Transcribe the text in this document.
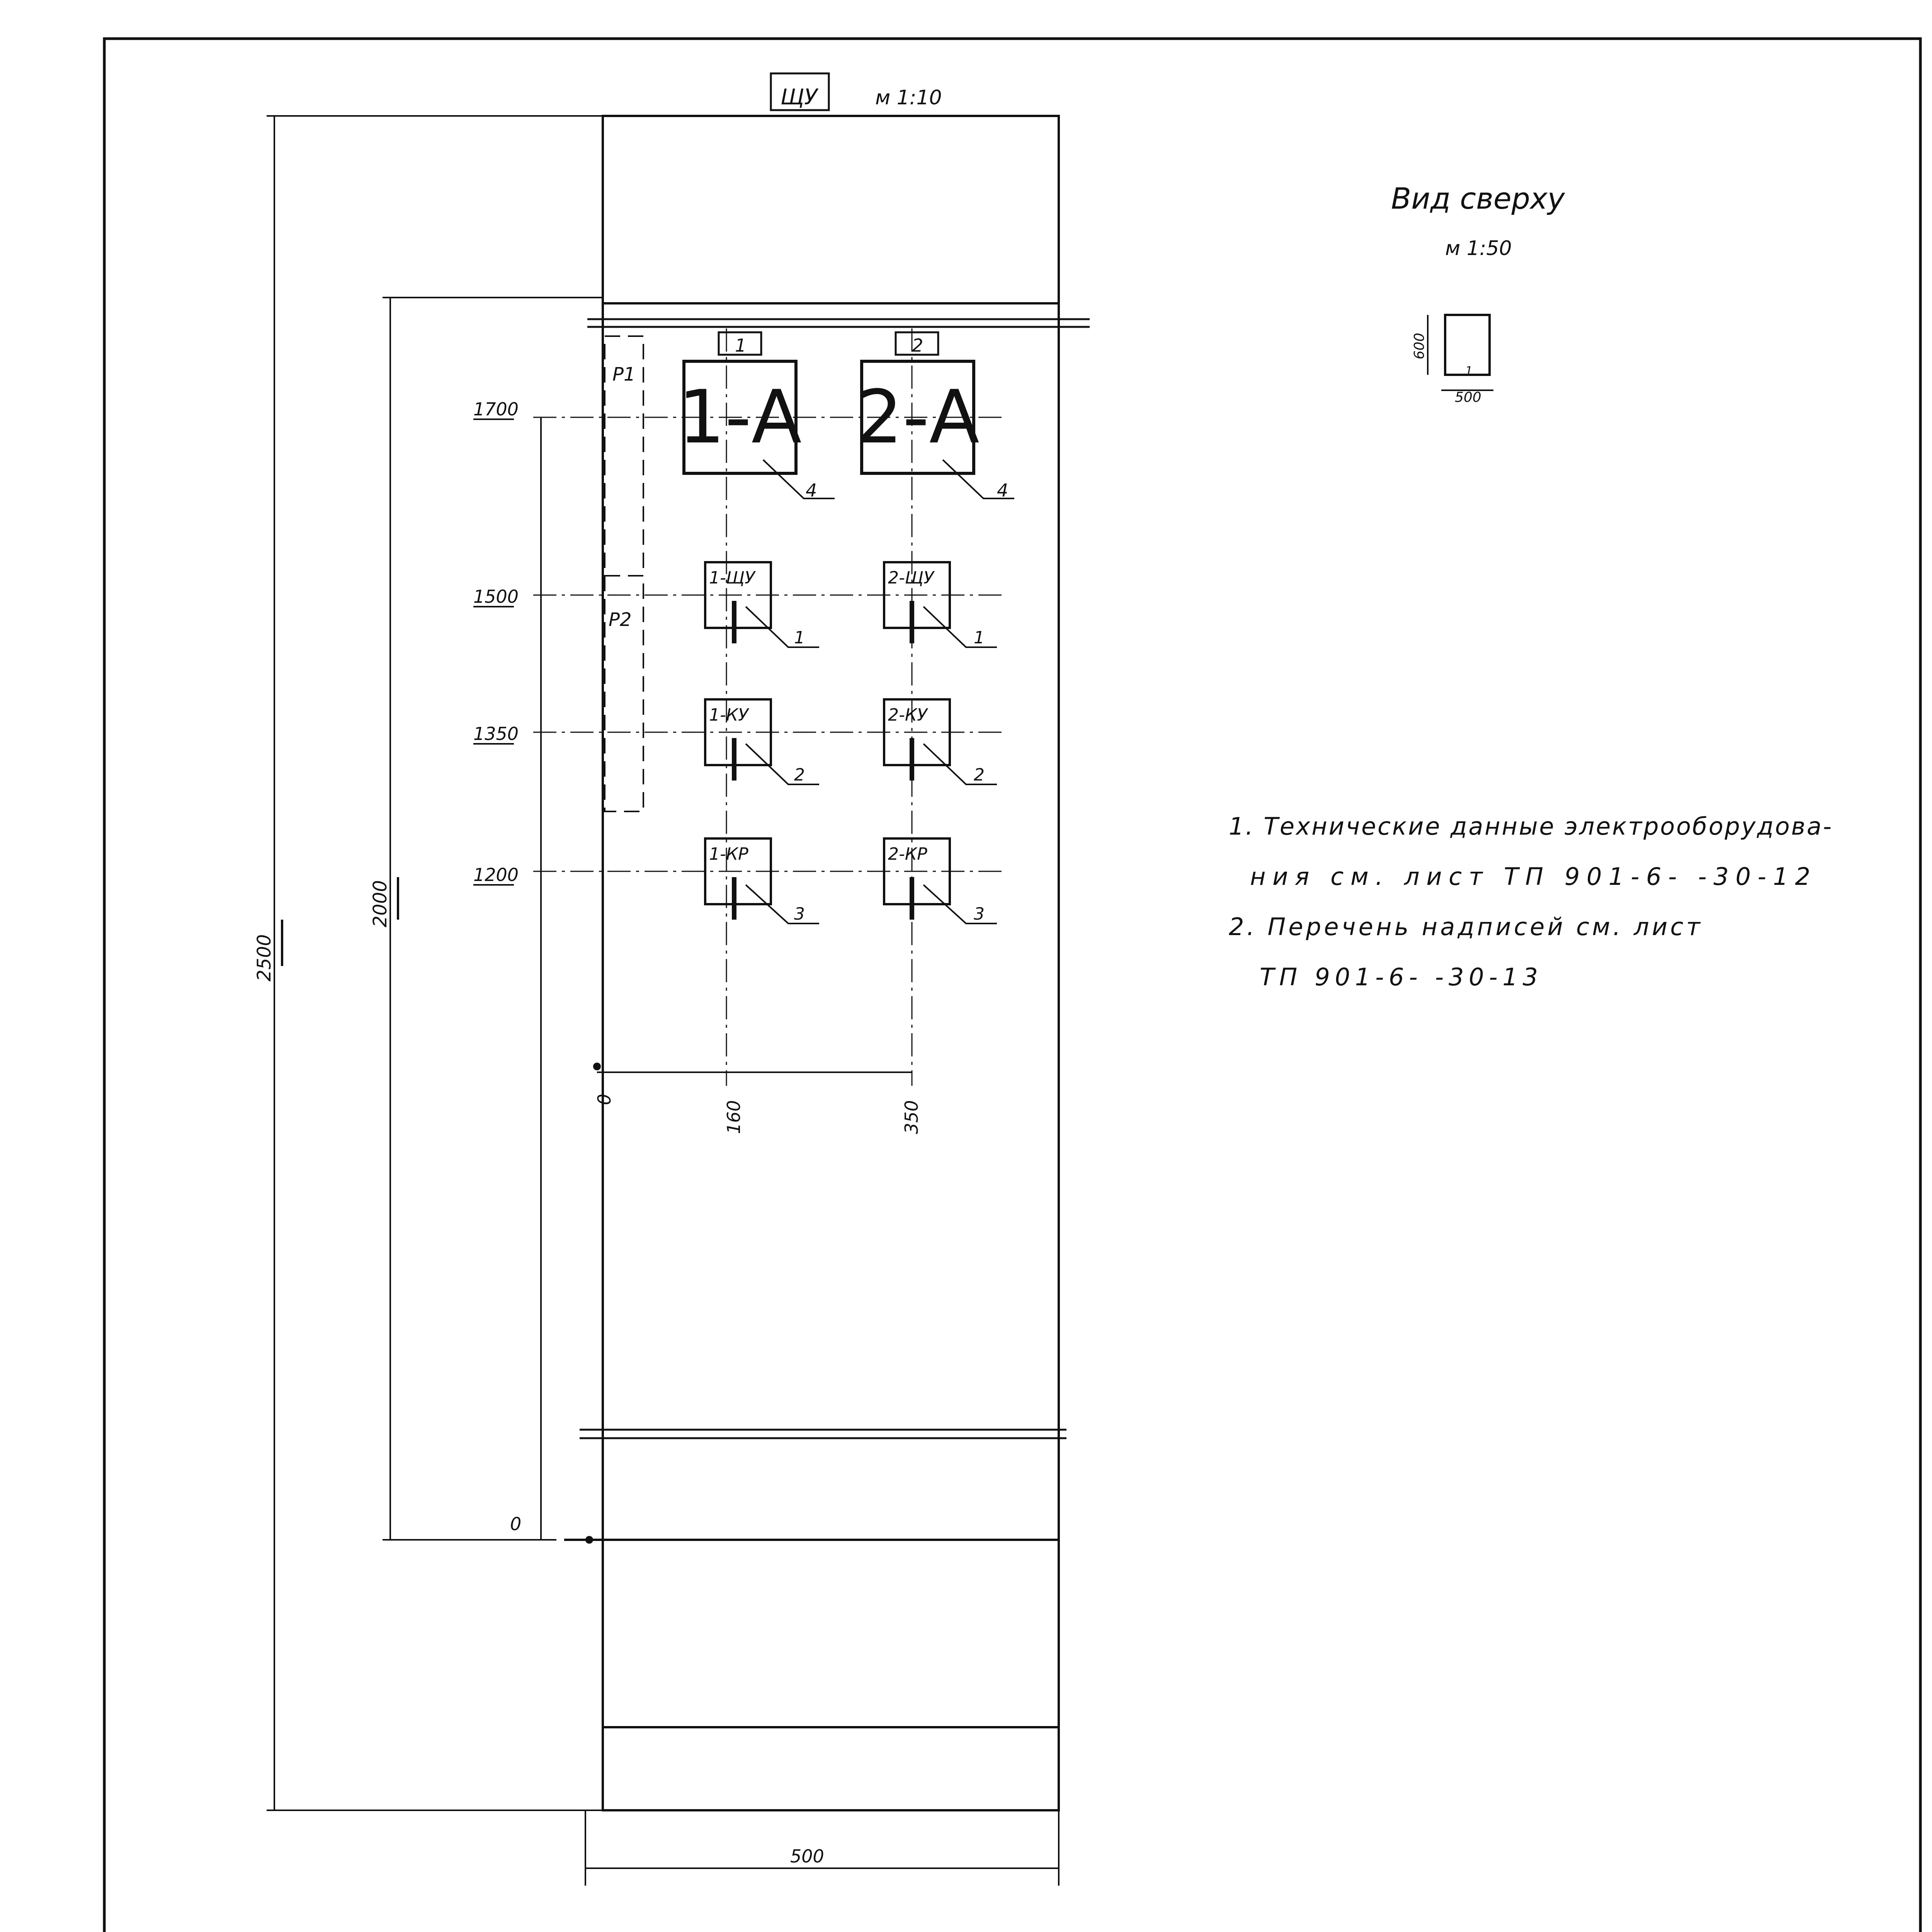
ЩУ	м 1:10
Р1
Р2
1	2
1-А 2-А
4	4
1-ЩУ	2-ЩУ
1	1
1-КУ	2-КУ
2	2
1-КР	2-КР
3	3
1700
1500
1350
1200
2000
2500
0
0
160	350
500
Вид сверху
м 1:50
600
500
1
1. Технические данные электрооборудова-
ния см. лист ТП 901-6- -30-12
2. Перечень надписей см. лист
ТП 901-6- -30-13
